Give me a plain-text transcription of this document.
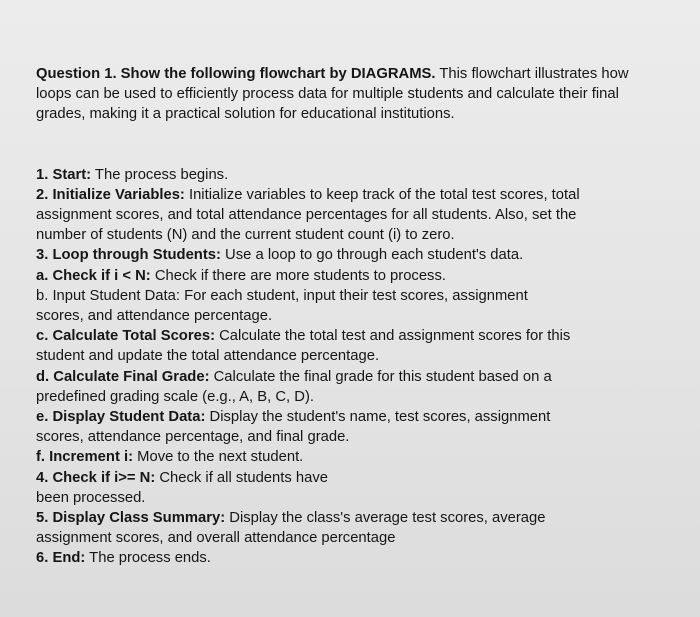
Question 1. Show the following flowchart by DIAGRAMS. This flowchart illustrates how

loops can be used to efficiently process data for multiple students and calculate their final

grades, making it a practical solution for educational institutions.

1. Start: The process begins.

2. Initialize Variables: Initialize variables to keep track of the total test scores, total

assignment scores, and total attendance percentages for all students. Also, set the

number of students (N) and the current student count (i) to zero.

3. Loop through Students: Use a loop to go through each student's data.

a. Check if i < N: Check if there are more students to process.

b. Input Student Data: For each student, input their test scores, assignment

scores, and attendance percentage.

c. Calculate Total Scores: Calculate the total test and assignment scores for this

student and update the total attendance percentage.

d. Calculate Final Grade: Calculate the final grade for this student based on a

predefined grading scale (e.g., A, B, C, D).

e. Display Student Data: Display the student's name, test scores, assignment

scores, attendance percentage, and final grade.

f. Increment i: Move to the next student.

4. Check if i>= N: Check if all students have

been processed.

5. Display Class Summary: Display the class's average test scores, average

assignment scores, and overall attendance percentage

6. End: The process ends.
